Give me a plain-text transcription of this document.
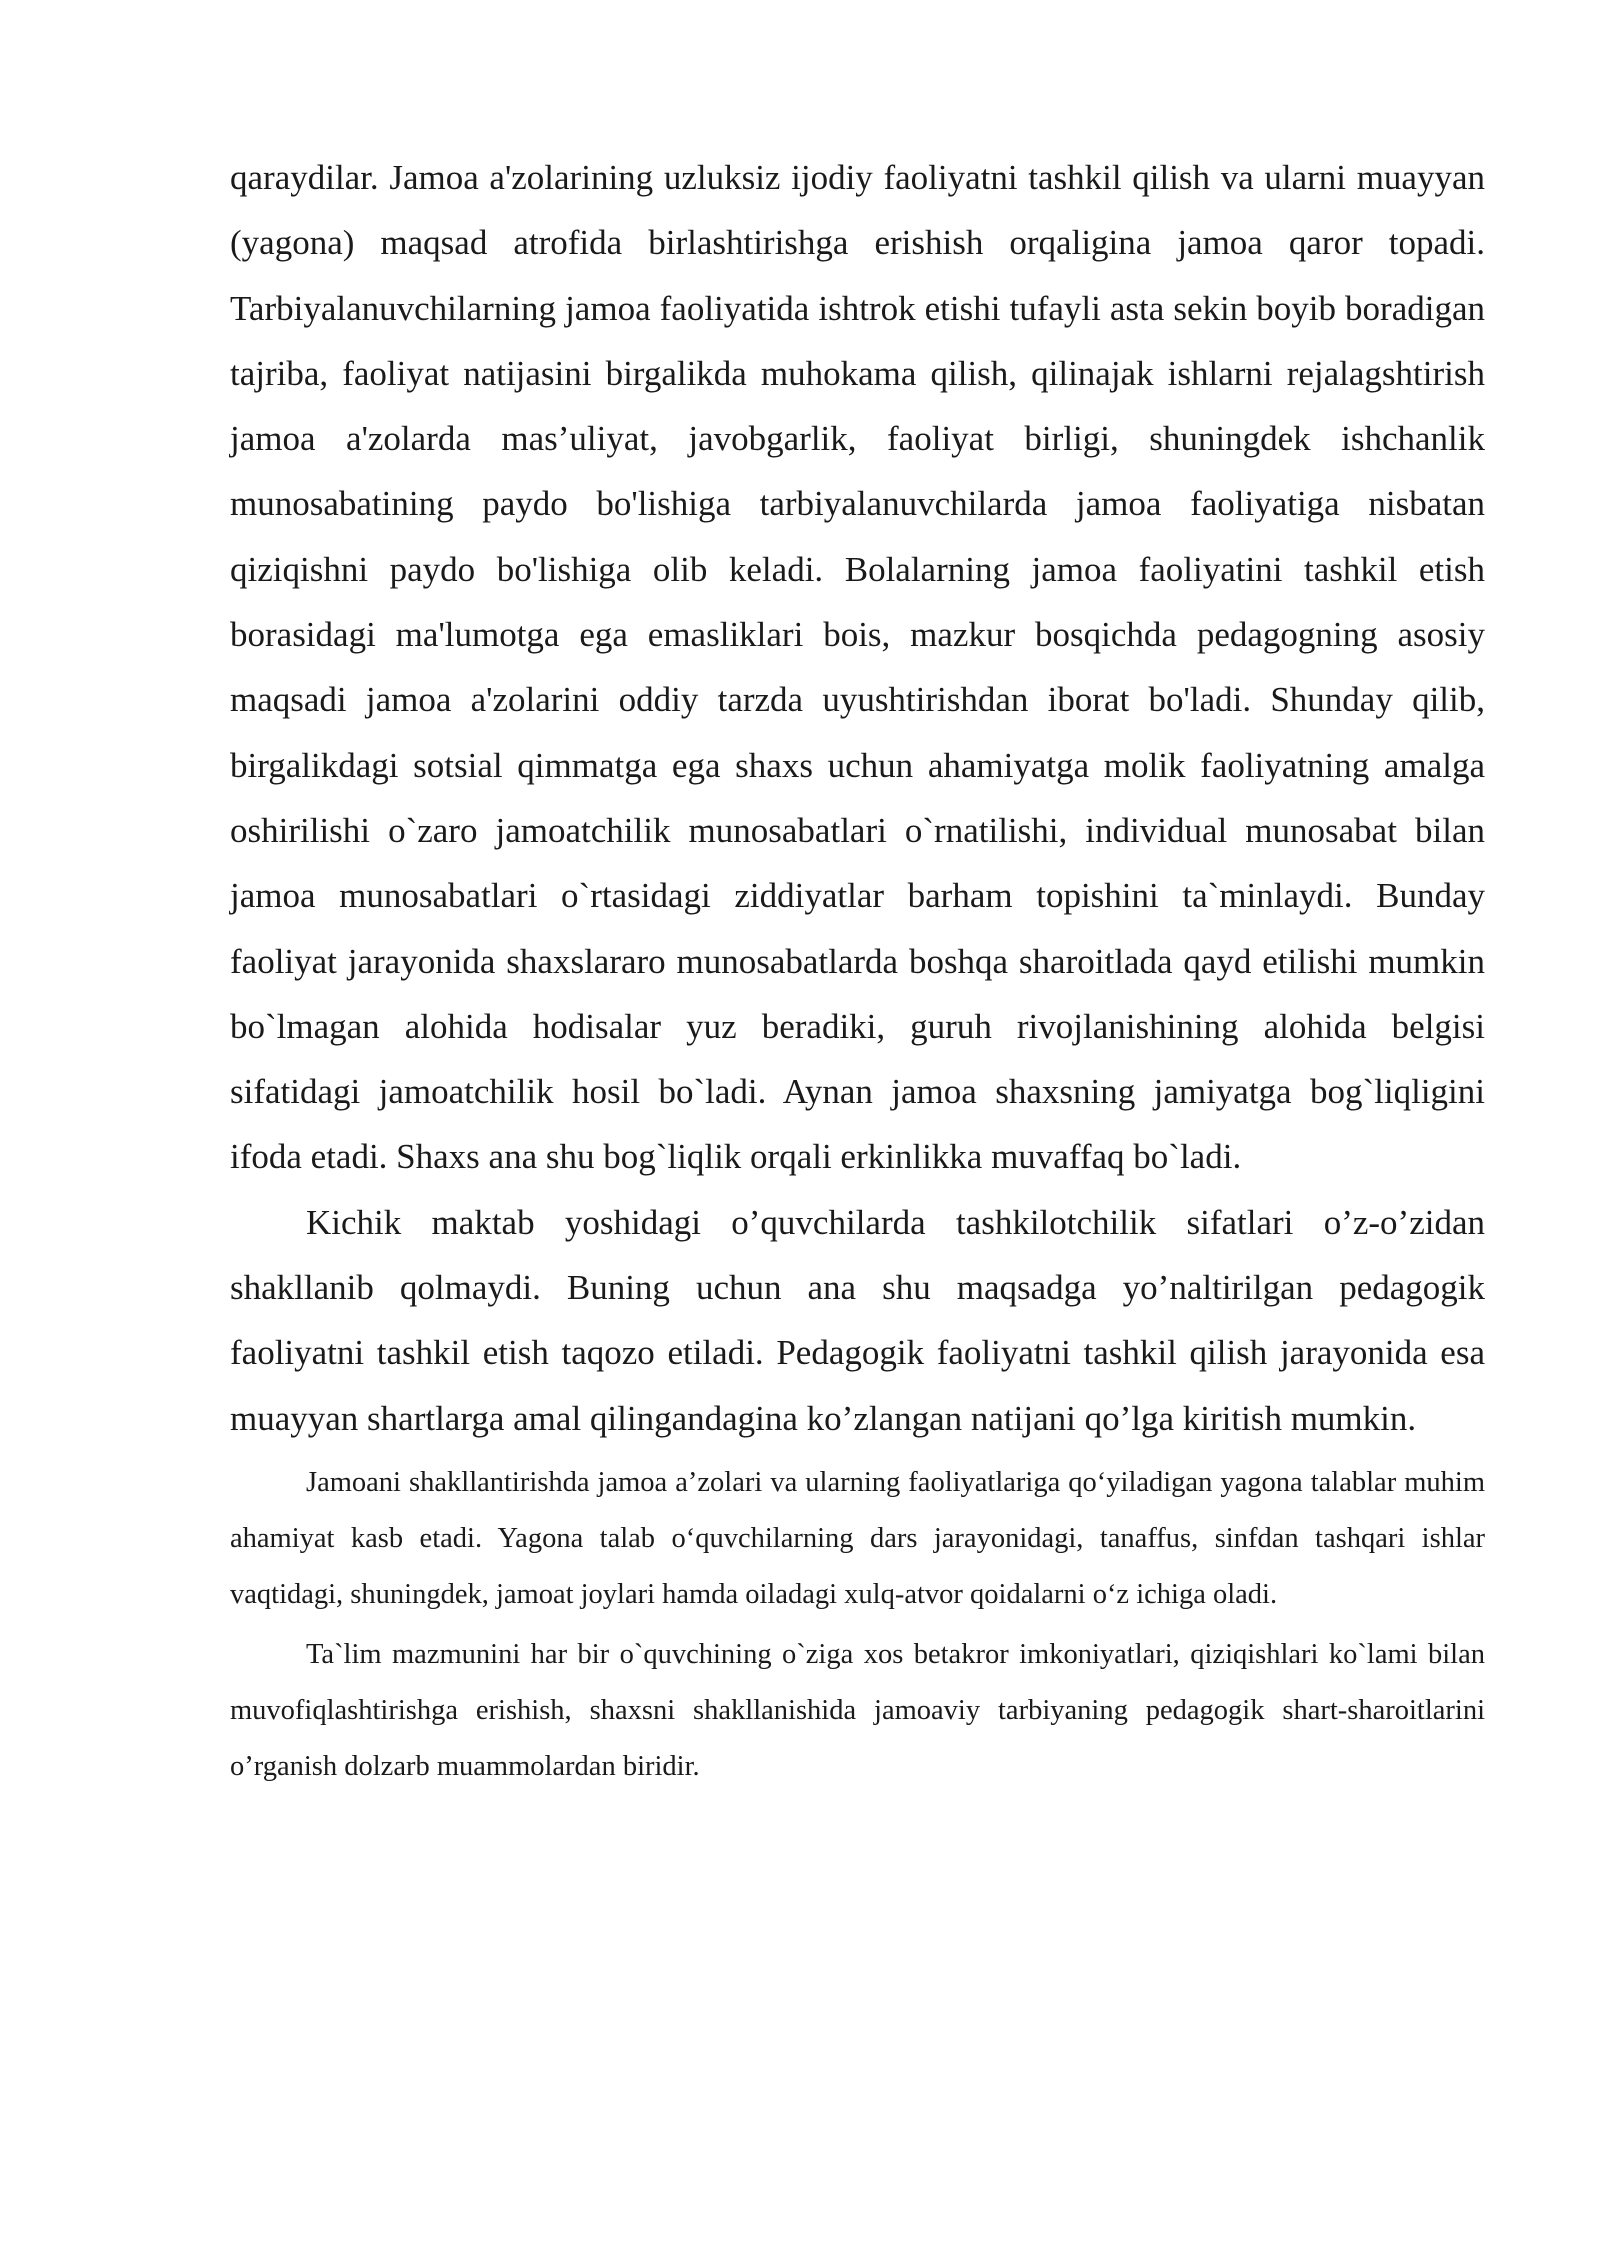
qaraydilar. Jamoa a'zolarining uzluksiz ijodiy faoliyatni tashkil qilish va ularni muayyan (yagona) maqsad atrofida birlashtirishga erishish orqaligina jamoa qaror topadi. Tarbiyalanuvchilarning jamoa faoliyatida ishtrok etishi tufayli asta sekin boyib boradigan tajriba, faoliyat natijasini birgalikda muhokama qilish, qilinajak ishlarni rejalagshtirish jamoa a'zolarda mas’uliyat, javobgarlik, faoliyat birligi, shuningdek ishchanlik munosabatining paydo bo'lishiga tarbiyalanuvchilarda jamoa faoliyatiga nisbatan qiziqishni paydo bo'lishiga olib keladi. Bolalarning jamoa faoliyatini tashkil etish borasidagi ma'lumotga ega emasliklari bois, mazkur bosqichda pedagogning asosiy maqsadi jamoa a'zolarini oddiy tarzda uyushtirishdan iborat bo'ladi. Shunday qilib, birgalikdagi sotsial qimmatga ega shaxs uchun ahamiyatga molik faoliyatning amalga oshirilishi o`zaro jamoatchilik munosabatlari o`rnatilishi, individual munosabat bilan jamoa munosabatlari o`rtasidagi ziddiyatlar barham topishini ta`minlaydi. Bunday faoliyat jarayonida shaxslararo munosabatlarda boshqa sharoitlada qayd etilishi mumkin bo`lmagan alohida hodisalar yuz beradiki, guruh rivojlanishining alohida belgisi sifatidagi jamoatchilik hosil bo`ladi. Aynan jamoa shaxsning jamiyatga bog`liqligini ifoda etadi. Shaxs ana shu bog`liqlik orqali erkinlikka muvaffaq bo`ladi.

Kichik maktab yoshidagi o’quvchilarda tashkilotchilik sifatlari o’z-o’zidan shakllanib qolmaydi. Buning uchun ana shu maqsadga yo’naltirilgan pedagogik faoliyatni tashkil etish taqozo etiladi. Pedagogik faoliyatni tashkil qilish jarayonida esa muayyan shartlarga amal qilingandagina ko’zlangan natijani qo’lga kiritish mumkin.

Jamoani shakllantirishda jamoa a’zolari va ularning faoliyatlariga qo‘yiladigan yagona talablar muhim ahamiyat kasb etadi. Yagona talab o‘quvchilarning dars jarayonidagi, tanaffus, sinfdan tashqari ishlar vaqtidagi, shuningdek, jamoat joylari hamda oiladagi xulq-atvor qoidalarni o‘z ichiga oladi.

Ta`lim mazmunini har bir o`quvchining o`ziga xos betakror imkoniyatlari, qiziqishlari ko`lami bilan muvofiqlashtirishga erishish, shaxsni shakllanishida jamoaviy tarbiyaning pedagogik shart-sharoitlarini o’rganish dolzarb muammolardan biridir.
